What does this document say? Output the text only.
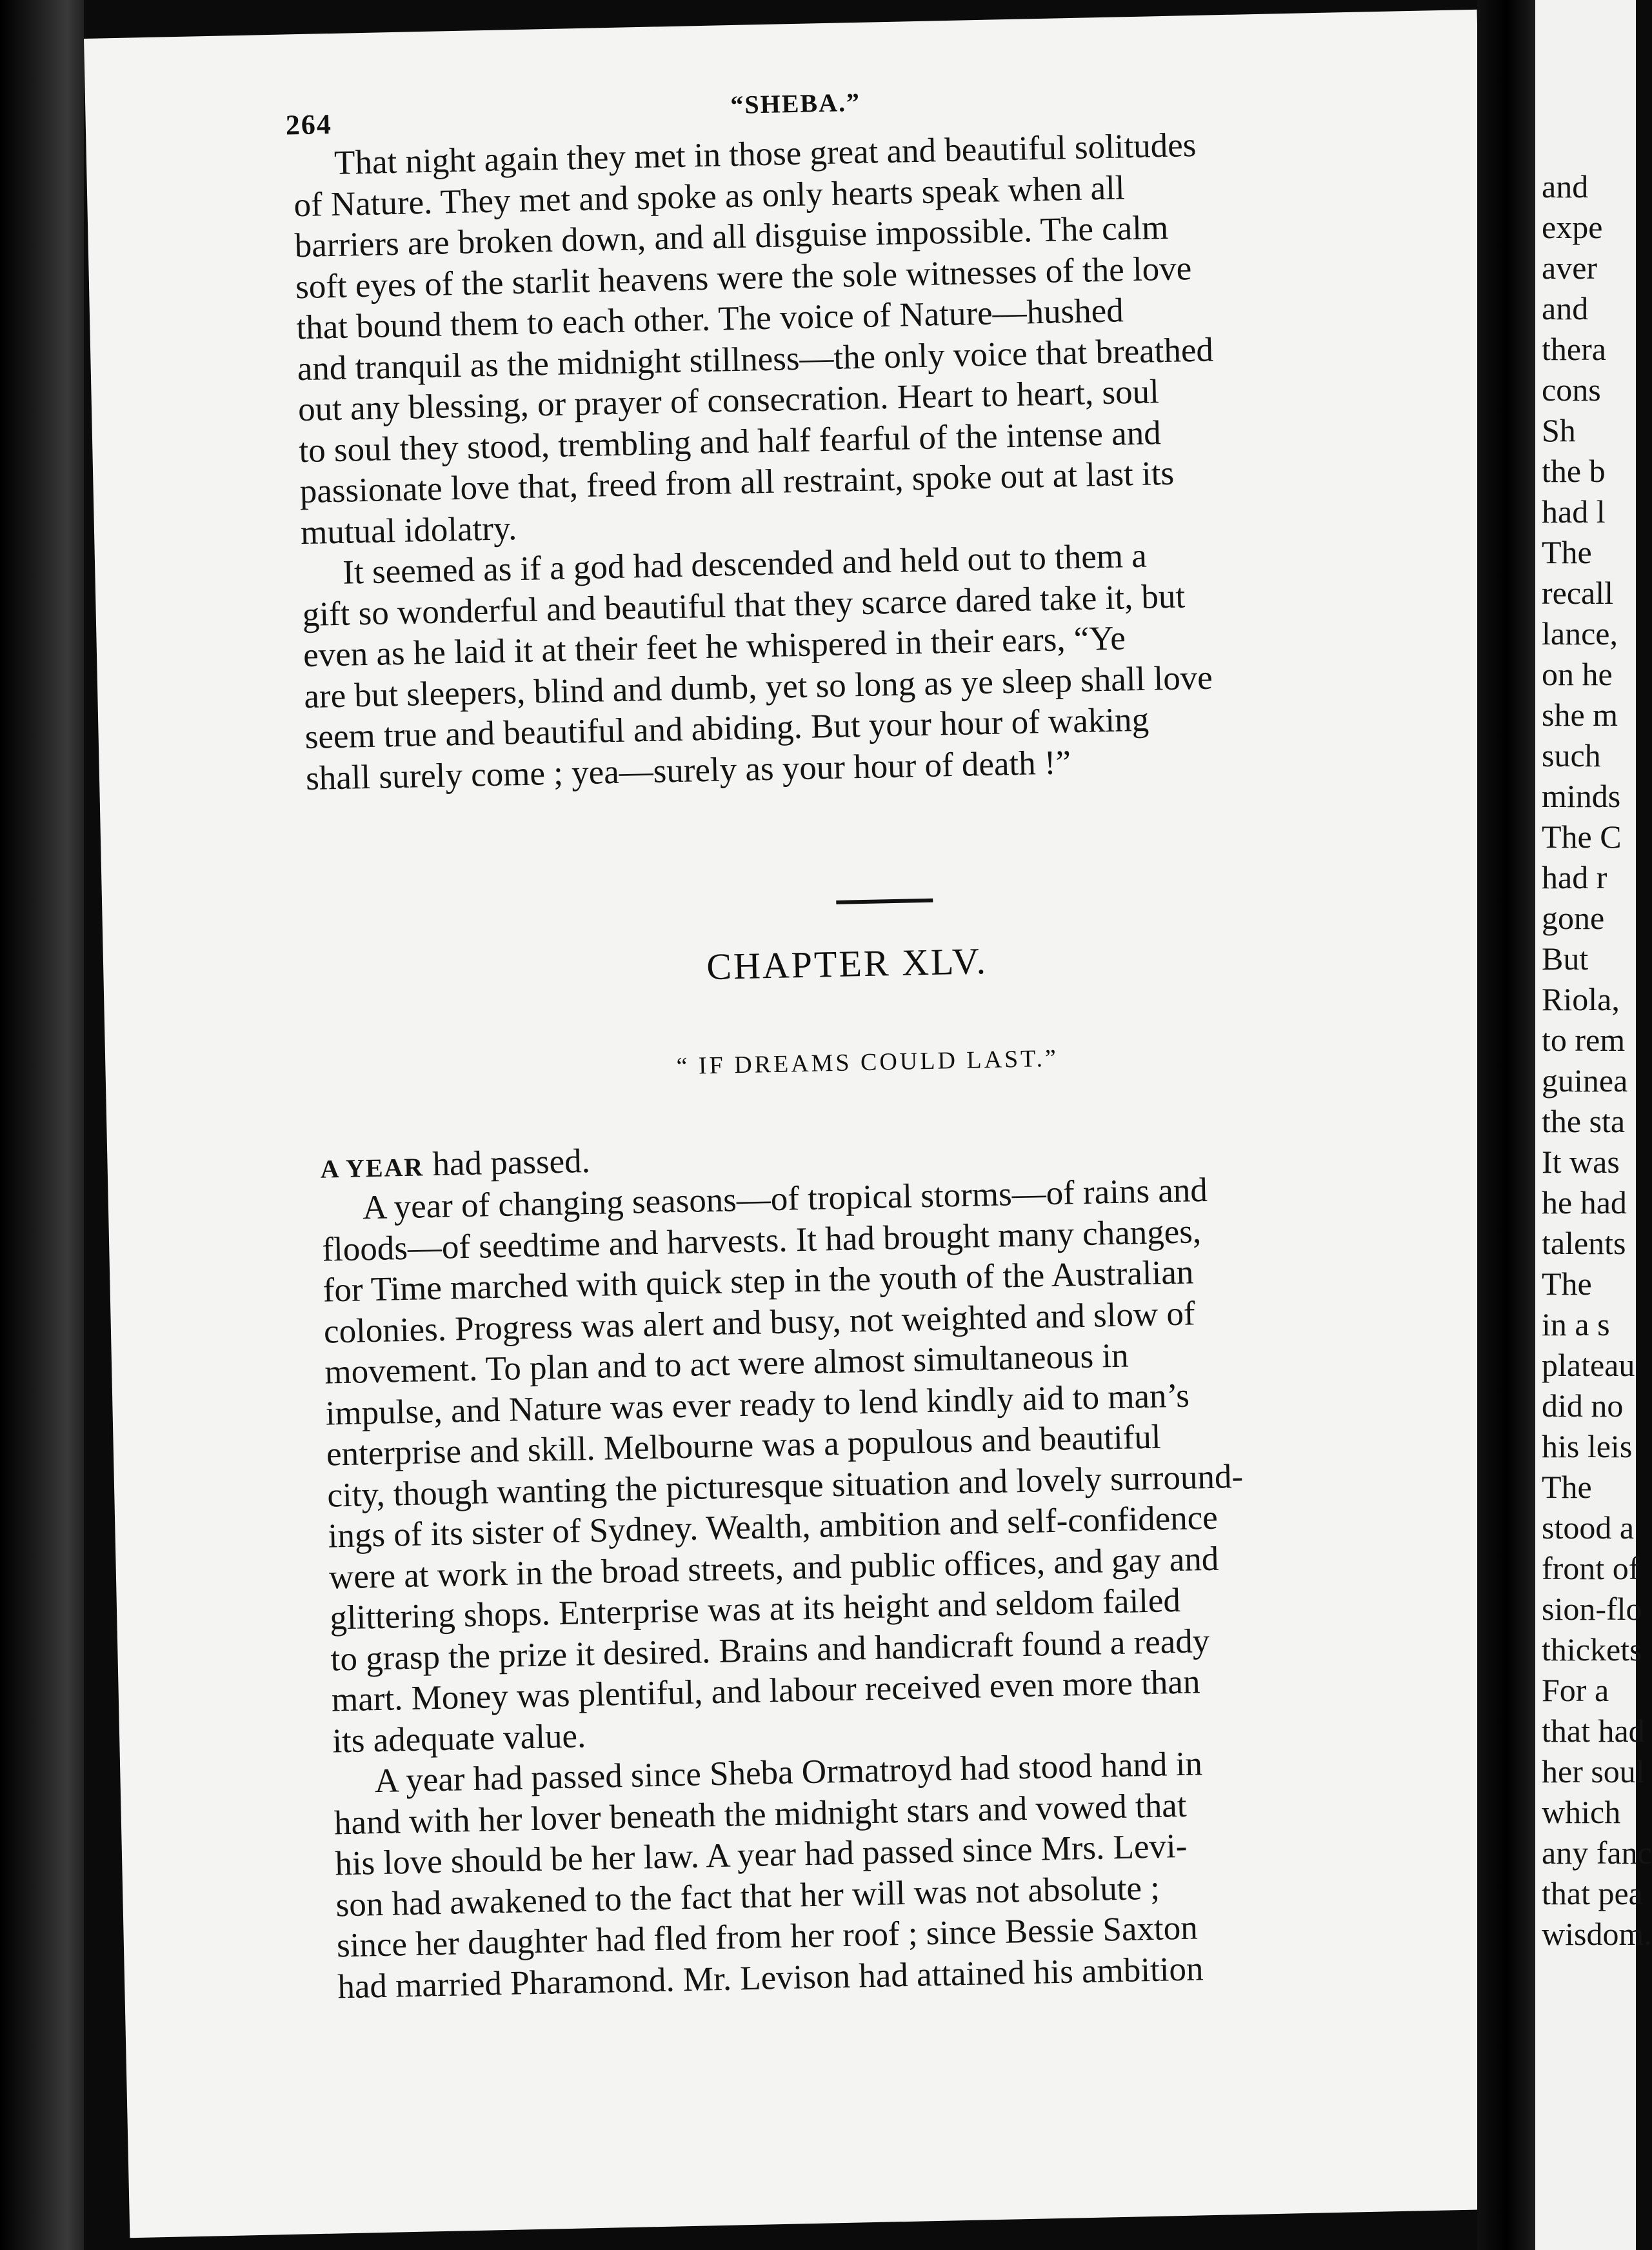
264
“SHEBA.”
That night again they met in those great and beautiful solitudes
of Nature. They met and spoke as only hearts speak when all
barriers are broken down, and all disguise impossible. The calm
soft eyes of the starlit heavens were the sole witnesses of the love
that bound them to each other. The voice of Nature—hushed
and tranquil as the midnight stillness—the only voice that breathed
out any blessing, or prayer of consecration. Heart to heart, soul
to soul they stood, trembling and half fearful of the intense and
passionate love that, freed from all restraint, spoke out at last its
mutual idolatry.
It seemed as if a god had descended and held out to them a
gift so wonderful and beautiful that they scarce dared take it, but
even as he laid it at their feet he whispered in their ears, “Ye
are but sleepers, blind and dumb, yet so long as ye sleep shall love
seem true and beautiful and abiding. But your hour of waking
shall surely come ; yea—surely as your hour of death !”
CHAPTER XLV.
“ IF DREAMS COULD LAST.”
A YEAR had passed.
A year of changing seasons—of tropical storms—of rains and
floods—of seedtime and harvests. It had brought many changes,
for Time marched with quick step in the youth of the Australian
colonies. Progress was alert and busy, not weighted and slow of
movement. To plan and to act were almost simultaneous in
impulse, and Nature was ever ready to lend kindly aid to man’s
enterprise and skill. Melbourne was a populous and beautiful
city, though wanting the picturesque situation and lovely surround-
ings of its sister of Sydney. Wealth, ambition and self-confidence
were at work in the broad streets, and public offices, and gay and
glittering shops. Enterprise was at its height and seldom failed
to grasp the prize it desired. Brains and handicraft found a ready
mart. Money was plentiful, and labour received even more than
its adequate value.
A year had passed since Sheba Ormatroyd had stood hand in
hand with her lover beneath the midnight stars and vowed that
his love should be her law. A year had passed since Mrs. Levi-
son had awakened to the fact that her will was not absolute ;
since her daughter had fled from her roof ; since Bessie Saxton
had married Pharamond. Mr. Levison had attained his ambition
and
expe
aver
and
thera
cons
Sh
the b
had l
The
recall
lance,
on he
she m
such
minds
The C
had r
gone
But
Riola,
to rem
guinea
the sta
It was
he had
talents
The
in a s
plateau
did no
his leis
The
stood a
front of
sion-flo
thickets
For a
that had
her soul
which
any fanc
that pea
wisdom.
